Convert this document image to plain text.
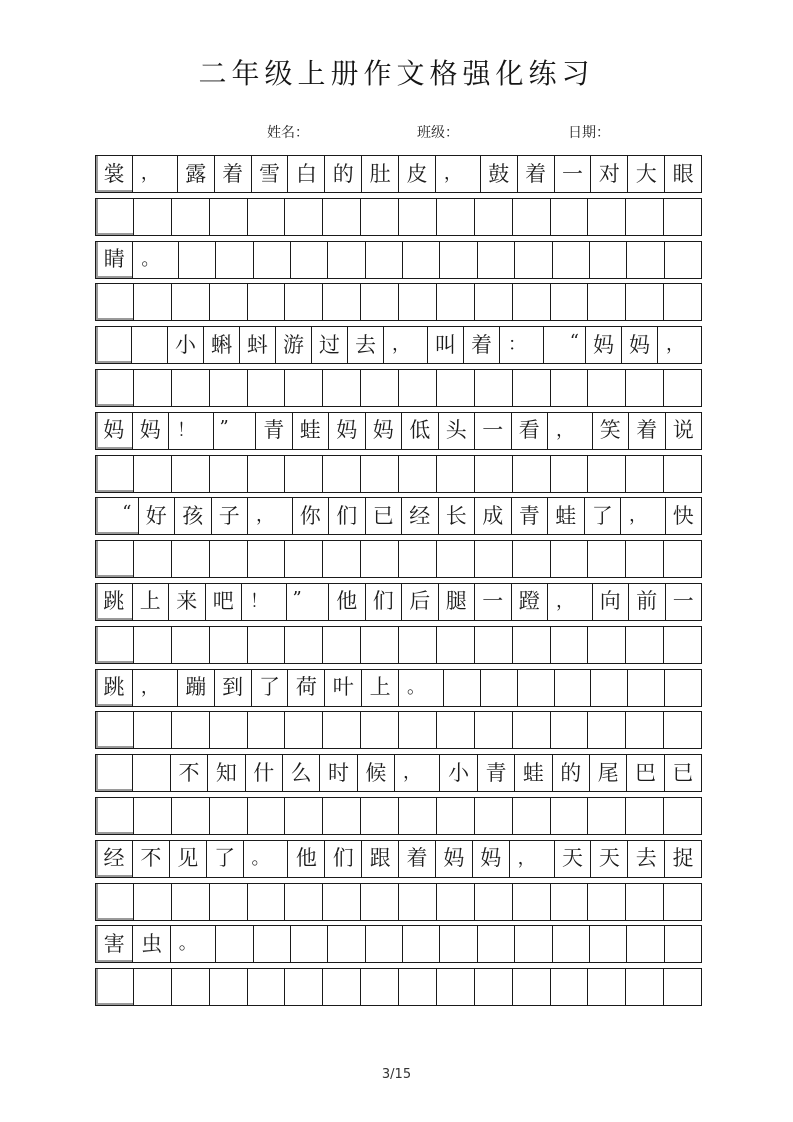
二年级上册作文格强化练习
姓名：	班级：	日期：
裳 ，	露 着 雪 白 的 肚 皮 ，	鼓 着 一 对 大 眼
睛 。
小 蝌 蚪 游 过 去 ，	叫 着 ：	“ 妈 妈 ，
妈 妈 ！	”	青 蛙 妈 妈 低 头 一 看 ，	笑 着 说
“ 好 孩 子 ，	你 们 已 经 长 成 青 蛙 了 ，	快
跳 上 来 吧 ！	”	他 们 后 腿 一 蹬 ，	向 前 一
跳 ，	蹦 到 了 荷 叶 上 。
不 知 什 么 时 候 ，	小 青 蛙 的 尾 巴 已
经 不 见 了 。	他 们 跟 着 妈 妈 ，	天 天 去 捉
害 虫 。
3/15
